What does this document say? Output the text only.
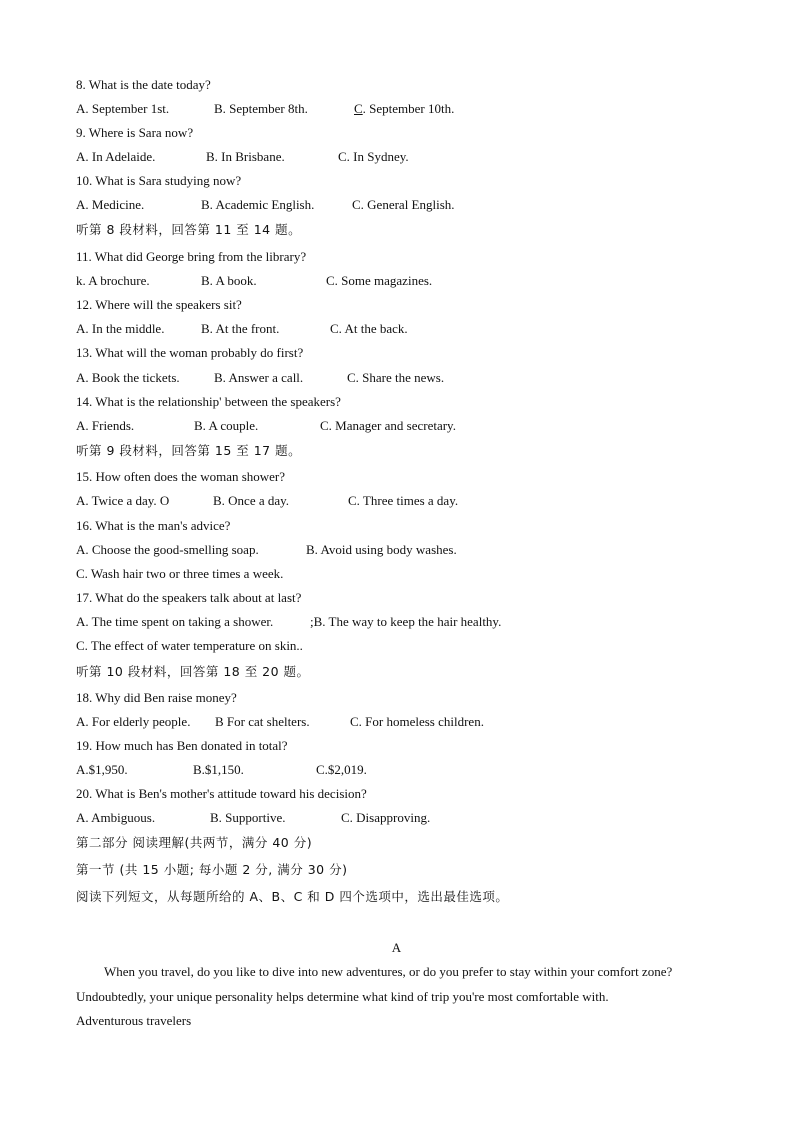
8. What is the date today?
A. September 1st.	B. September 8th.	C. September 10th.
9. Where is Sara now?
A. In Adelaide.	B. In Brisbane.	C. In Sydney.
10. What is Sara studying now?
A. Medicine.	B. Academic English.	C. General English.
听第 8 段材料，回答第 11 至 14 题。
11. What did George bring from the library?
k. A brochure.	B. A book.	C. Some magazines.
12. Where will the speakers sit?
A. In the middle.	B. At the front.	C. At the back.
13. What will the woman probably do first?
A. Book the tickets.	B. Answer a call.	C. Share the news.
14. What is the relationship' between the speakers?
A. Friends.	B. A couple.	C. Manager and secretary.
听第 9 段材料，回答第 15 至 17 题。
15. How often does the woman shower?
A. Twice a day. O	B. Once a day.	C. Three times a day.
16. What is the man's advice?
A. Choose the good-smelling soap.	B. Avoid using body washes.
C. Wash hair two or three times a week.
17. What do the speakers talk about at last?
A. The time spent on taking a shower.	;B. The way to keep the hair healthy.
C. The effect of water temperature on skin..
听第 10 段材料，回答第 18 至 20 题。
18. Why did Ben raise money?
A. For elderly people. B For cat shelters.	C. For homeless children.
19. How much has Ben donated in total?
A.$1,950.	B.$1,150.	C.$2,019.
20. What is Ben's mother's attitude toward his decision?
A. Ambiguous.	B. Supportive.	C. Disapproving.
第二部分 阅读理解(共两节，满分 40 分)
第一节 (共 15 小题; 每小题 2 分, 满分 30 分)
阅读下列短文，从每题所给的 A、B、C 和 D 四个选项中，选出最佳选项。
A
When you travel, do you like to dive into new adventures, or do you prefer to stay within your comfort zone?
Undoubtedly, your unique personality helps determine what kind of trip you're most comfortable with.
Adventurous travelers
